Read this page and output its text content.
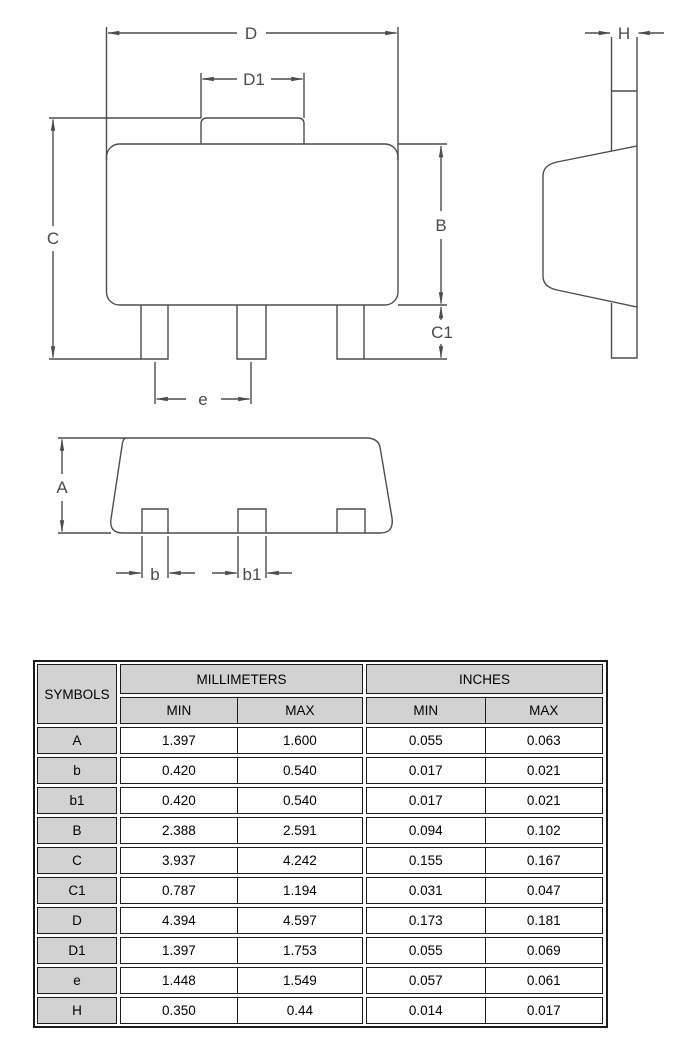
D
D1
C
B
C1
e
H
A
b	b1
SYMBOLS
MILLIMETERS
MIN	MAX
INCHES
MIN	MAX
A	1.397	1.600	0.055	0.063
b	0.420	0.540	0.017	0.021
b1	0.420	0.540	0.017	0.021
B	2.388	2.591	0.094	0.102
C	3.937	4.242	0.155	0.167
C1	0.787	1.194	0.031	0.047
D	4.394	4.597	0.173	0.181
D1	1.397	1.753	0.055	0.069
e	1.448	1.549	0.057	0.061
H	0.350	0.44	0.014	0.017
